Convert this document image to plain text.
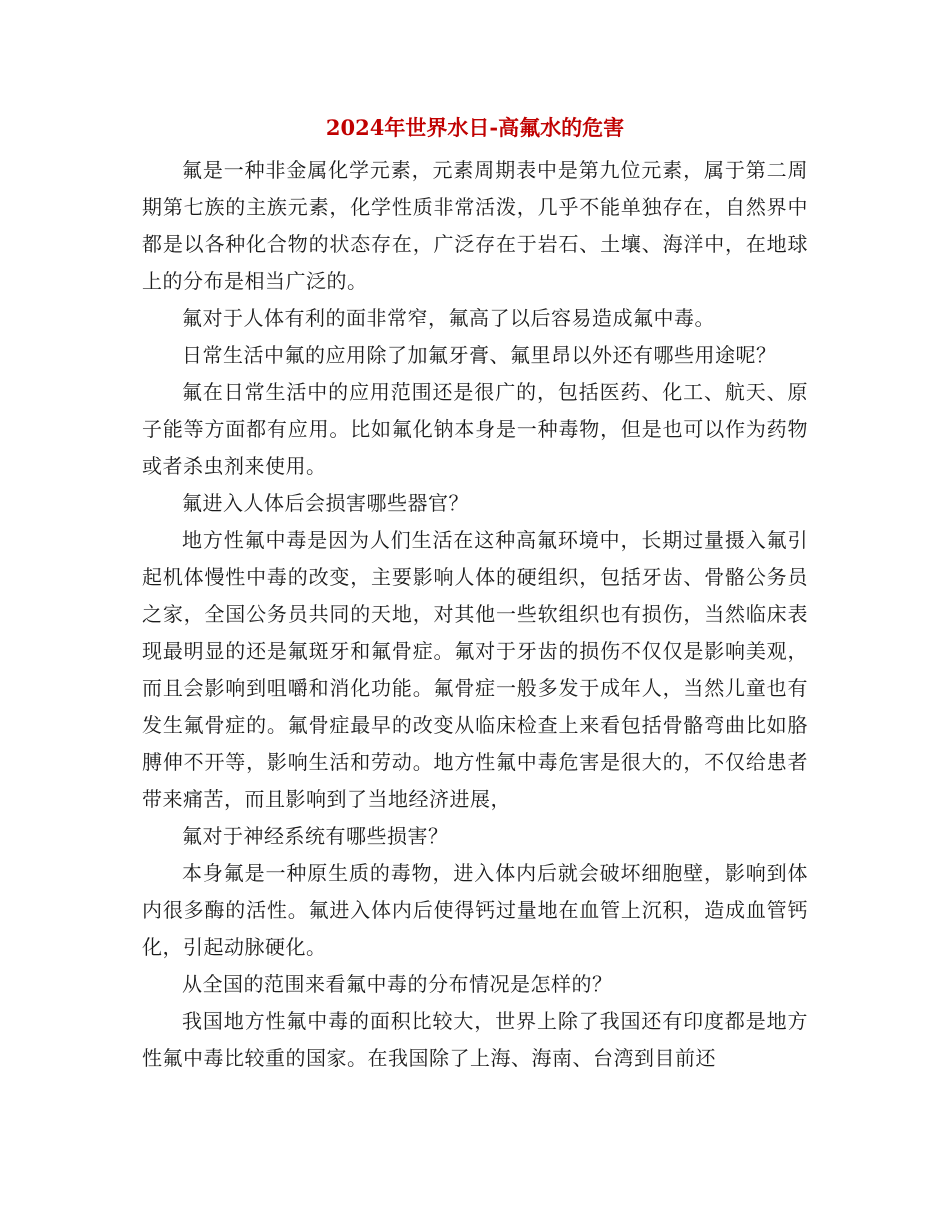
2024年世界水日-高氟水的危害

氟是一种非金属化学元素，元素周期表中是第九位元素，属于第二周期第七族的主族元素，化学性质非常活泼，几乎不能单独存在，自然界中都是以各种化合物的状态存在，广泛存在于岩石、土壤、海洋中，在地球上的分布是相当广泛的。

氟对于人体有利的面非常窄，氟高了以后容易造成氟中毒。

日常生活中氟的应用除了加氟牙膏、氟里昂以外还有哪些用途呢？

氟在日常生活中的应用范围还是很广的，包括医药、化工、航天、原子能等方面都有应用。比如氟化钠本身是一种毒物，但是也可以作为药物或者杀虫剂来使用。

氟进入人体后会损害哪些器官？

地方性氟中毒是因为人们生活在这种高氟环境中，长期过量摄入氟引起机体慢性中毒的改变，主要影响人体的硬组织，包括牙齿、骨骼公务员之家，全国公务员共同的天地，对其他一些软组织也有损伤，当然临床表现最明显的还是氟斑牙和氟骨症。氟对于牙齿的损伤不仅仅是影响美观，而且会影响到咀嚼和消化功能。氟骨症一般多发于成年人，当然儿童也有发生氟骨症的。氟骨症最早的改变从临床检查上来看包括骨骼弯曲比如胳膊伸不开等，影响生活和劳动。地方性氟中毒危害是很大的，不仅给患者带来痛苦，而且影响到了当地经济进展，

氟对于神经系统有哪些损害？

本身氟是一种原生质的毒物，进入体内后就会破坏细胞壁，影响到体内很多酶的活性。氟进入体内后使得钙过量地在血管上沉积，造成血管钙化，引起动脉硬化。

从全国的范围来看氟中毒的分布情况是怎样的？

我国地方性氟中毒的面积比较大，世界上除了我国还有印度都是地方性氟中毒比较重的国家。在我国除了上海、海南、台湾到目前还
